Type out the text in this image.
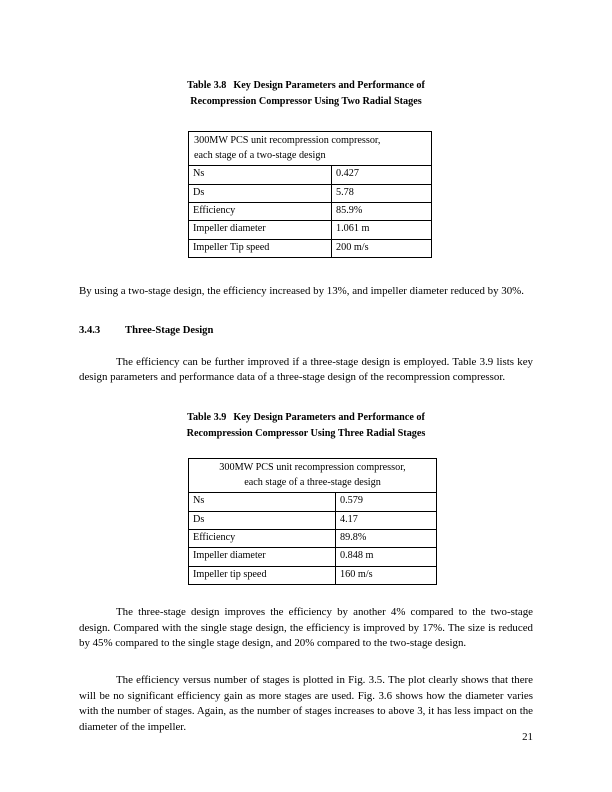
Table 3.8 Key Design Parameters and Performance of
Recompression Compressor Using Two Radial Stages
300MW PCS unit recompression compressor,
each stage of a two-stage design	
Ns	0.427
Ds	5.78
Efficiency	85.9%
Impeller diameter	1.061 m
Impeller Tip speed	200 m/s

By using a two-stage design, the efficiency increased by 13%, and impeller diameter reduced by 30%.

3.4.3 Three-Stage Design

The efficiency can be further improved if a three-stage design is employed. Table 3.9 lists key design parameters and performance data of a three-stage design of the recompression compressor.

Table 3.9 Key Design Parameters and Performance of
Recompression Compressor Using Three Radial Stages
300MW PCS unit recompression compressor,
each stage of a three-stage design	
Ns	0.579
Ds	4.17
Efficiency	89.8%
Impeller diameter	0.848 m
Impeller tip speed	160 m/s

The three-stage design improves the efficiency by another 4% compared to the two-stage design. Compared with the single stage design, the efficiency is improved by 17%. The size is reduced by 45% compared to the single stage design, and 20% compared to the two-stage design.

The efficiency versus number of stages is plotted in Fig. 3.5. The plot clearly shows that there will be no significant efficiency gain as more stages are used. Fig. 3.6 shows how the diameter varies with the number of stages. Again, as the number of stages increases to above 3, it has less impact on the diameter of the impeller.

21
